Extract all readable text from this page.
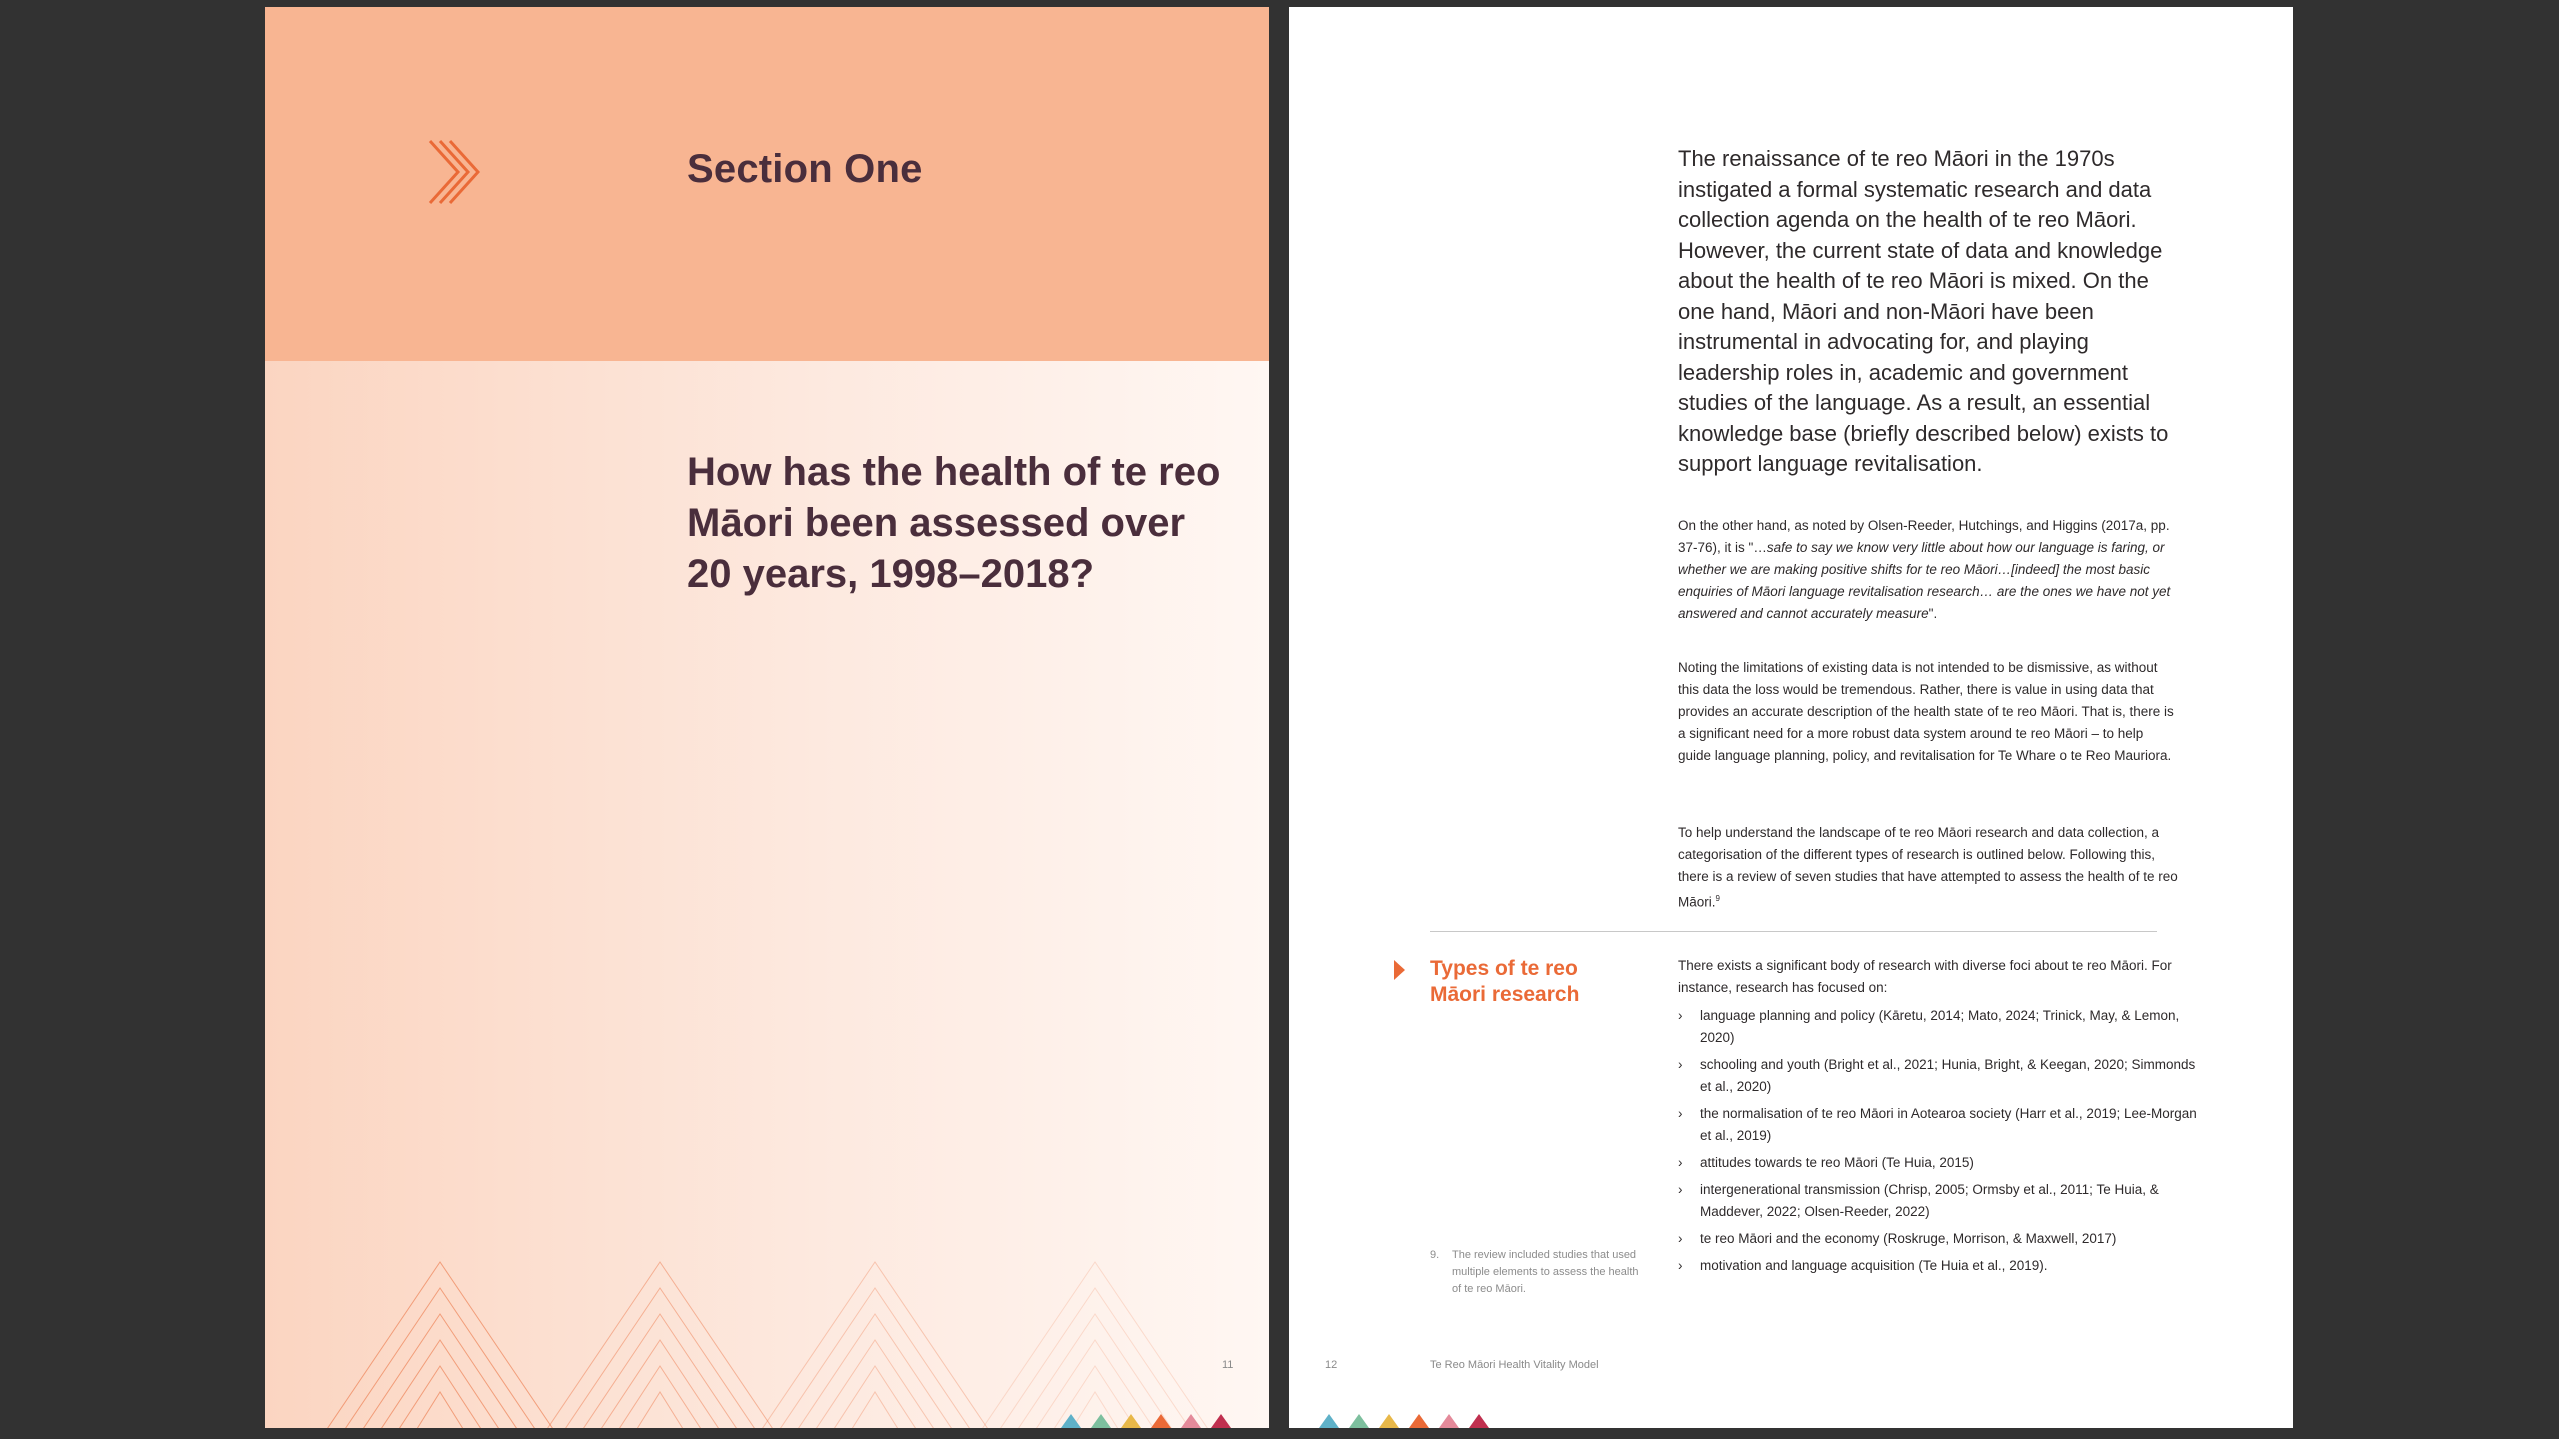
Section One
How has the health of te reo Māori been assessed over 20 years, 1998–2018?
11

The renaissance of te reo Māori in the 1970s instigated a formal systematic research and data collection agenda on the health of te reo Māori. However, the current state of data and knowledge about the health of te reo Māori is mixed. On the one hand, Māori and non-Māori have been instrumental in advocating for, and playing leadership roles in, academic and government studies of the language. As a result, an essential knowledge base (briefly described below) exists to support language revitalisation.

On the other hand, as noted by Olsen-Reeder, Hutchings, and Higgins (2017a, pp. 37-76), it is "…safe to say we know very little about how our language is faring, or whether we are making positive shifts for te reo Māori…[indeed] the most basic enquiries of Māori language revitalisation research… are the ones we have not yet answered and cannot accurately measure".

Noting the limitations of existing data is not intended to be dismissive, as without this data the loss would be tremendous. Rather, there is value in using data that provides an accurate description of the health state of te reo Māori. That is, there is a significant need for a more robust data system around te reo Māori – to help guide language planning, policy, and revitalisation for Te Whare o te Reo Mauriora.

To help understand the landscape of te reo Māori research and data collection, a categorisation of the different types of research is outlined below. Following this, there is a review of seven studies that have attempted to assess the health of te reo Māori.$^9$

Types of te reo Māori research

There exists a significant body of research with diverse foci about te reo Māori. For instance, research has focused on:

› language planning and policy (Kāretu, 2014; Mato, 2024; Trinick, May, & Lemon, 2020)
› schooling and youth (Bright et al., 2021; Hunia, Bright, & Keegan, 2020; Simmonds et al., 2020)
› the normalisation of te reo Māori in Aotearoa society (Harr et al., 2019; Lee-Morgan et al., 2019)
› attitudes towards te reo Māori (Te Huia, 2015)
› intergenerational transmission (Chrisp, 2005; Ormsby et al., 2011; Te Huia, & Maddever, 2022; Olsen-Reeder, 2022)
› te reo Māori and the economy (Roskruge, Morrison, & Maxwell, 2017)
› motivation and language acquisition (Te Huia et al., 2019).

9.	The review included studies that used multiple elements to assess the health of te reo Māori.

12	Te Reo Māori Health Vitality Model
